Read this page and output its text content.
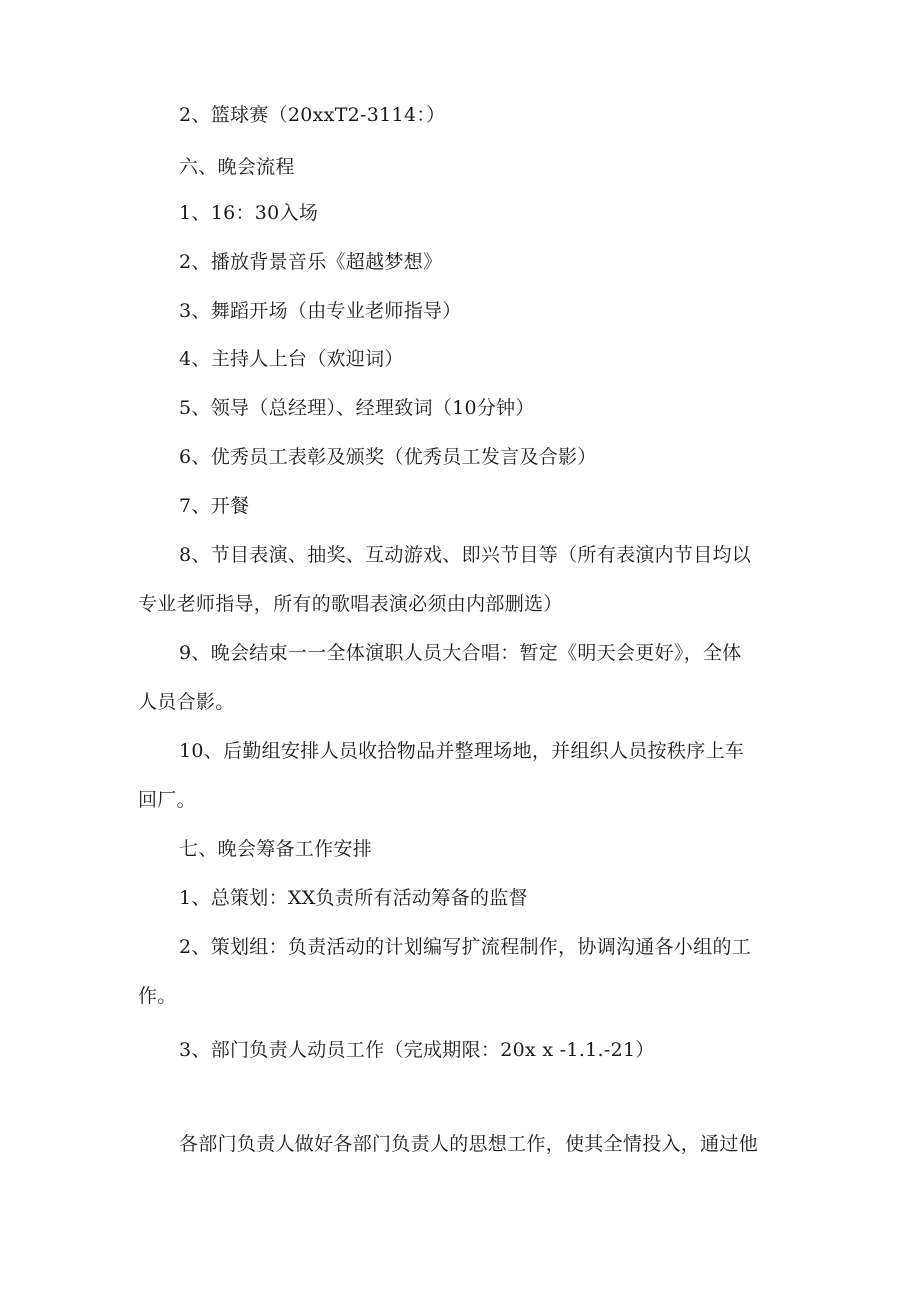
2、篮球赛（20xxT2-3114：）
六、晚会流程
1、16：30入场
2、播放背景音乐《超越梦想》
3、舞蹈开场（由专业老师指导）
4、主持人上台（欢迎词）
5、领导（总经理）、经理致词（10分钟）
6、优秀员工表彰及颁奖（优秀员工发言及合影）
7、开餐
8、节目表演、抽奖、互动游戏、即兴节目等（所有表演内节目均以
专业老师指导，所有的歌唱表演必须由内部删选）
9、晚会结束一一全体演职人员大合唱：暂定《明天会更好》，全体
人员合影。
10、后勤组安排人员收拾物品并整理场地，并组织人员按秩序上车
回厂。
七、晚会筹备工作安排
1、总策划：XX负责所有活动筹备的监督
2、策划组：负责活动的计划编写扩流程制作，协调沟通各小组的工
作。
3、部门负责人动员工作（完成期限：20x x -1.1.-21）
各部门负责人做好各部门负责人的思想工作，使其全情投入，通过他
